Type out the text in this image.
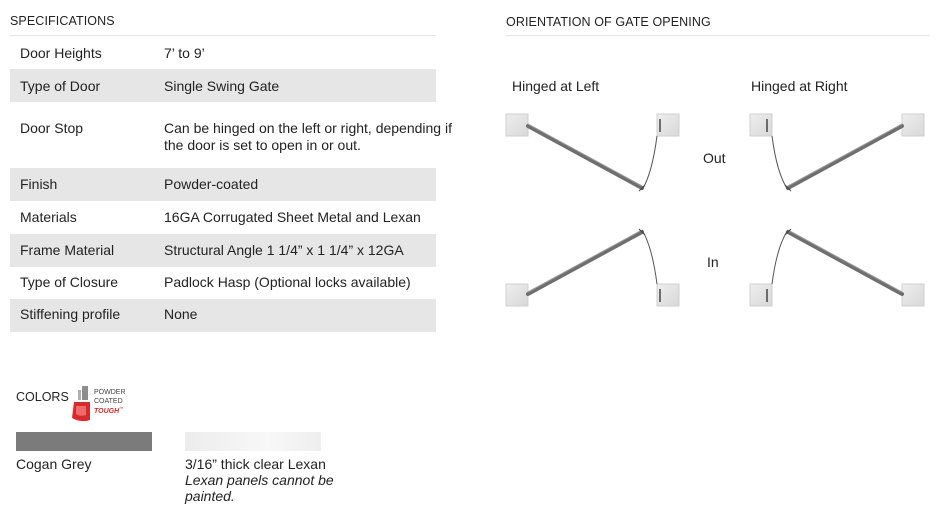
SPECIFICATIONS
Door Heights	7’ to 9’
Type of Door	Single Swing Gate
Door Stop	Can be hinged on the left or right, depending if the door is set to open in or out.
Finish	Powder-coated
Materials	16GA Corrugated Sheet Metal and Lexan
Frame Material	Structural Angle 1 1/4” x 1 1/4” x 12GA
Type of Closure	Padlock Hasp (Optional locks available)
Stiffening profile	None
ORIENTATION OF GATE OPENING
Hinged at Left	Hinged at Right
Out
In
COLORS	POWDER
COATED
TOUGH™
Cogan Grey	3/16” thick clear Lexan
Lexan panels cannot be painted.
